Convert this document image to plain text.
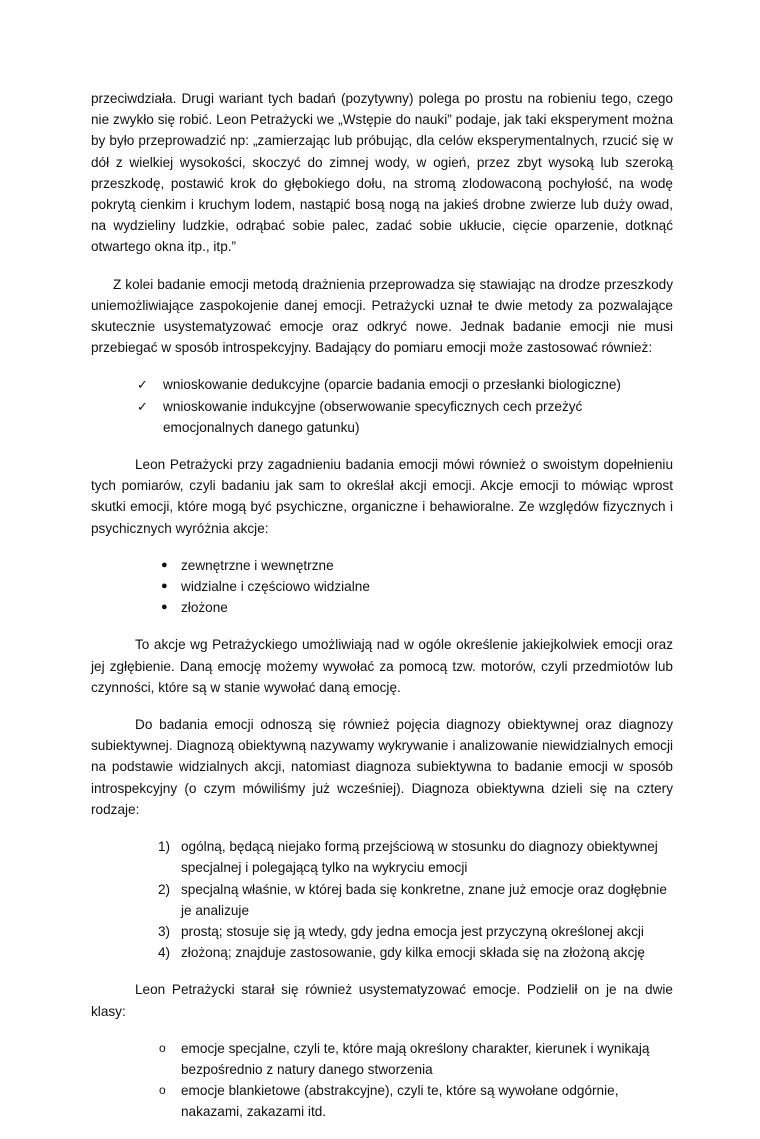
przeciwdziała. Drugi wariant tych badań (pozytywny) polega po prostu na robieniu tego, czego nie zwykło się robić. Leon Petrażycki we „Wstępie do nauki” podaje, jak taki eksperyment można by było przeprowadzić np: „zamierzając lub próbując, dla celów eksperymentalnych, rzucić się w dół z wielkiej wysokości, skoczyć do zimnej wody, w ogień, przez zbyt wysoką lub szeroką przeszkodę, postawić krok do głębokiego dołu, na stromą zlodowaconą pochyłość, na wodę pokrytą cienkim i kruchym lodem, nastąpić bosą nogą na jakieś drobne zwierze lub duży owad, na wydzieliny ludzkie, odrąbać sobie palec, zadać sobie ukłucie, cięcie oparzenie, dotknąć otwartego okna itp., itp.”

Z kolei badanie emocji metodą drażnienia przeprowadza się stawiając na drodze przeszkody uniemożliwiające zaspokojenie danej emocji. Petrażycki uznał te dwie metody za pozwalające skutecznie usystematyzować emocje oraz odkryć nowe. Jednak badanie emocji nie musi przebiegać w sposób introspekcyjny. Badający do pomiaru emocji może zastosować również:

✓ wnioskowanie dedukcyjne (oparcie badania emocji o przesłanki biologiczne)
✓ wnioskowanie indukcyjne (obserwowanie specyficznych cech przeżyć emocjonalnych danego gatunku)

Leon Petrażycki przy zagadnieniu badania emocji mówi również o swoistym dopełnieniu tych pomiarów, czyli badaniu jak sam to określał akcji emocji. Akcje emocji to mówiąc wprost skutki emocji, które mogą być psychiczne, organiczne i behawioralne. Ze względów fizycznych i psychicznych wyróżnia akcje:

● zewnętrzne i wewnętrzne
● widzialne i częściowo widzialne
● złożone

To akcje wg Petrażyckiego umożliwiają nad w ogóle określenie jakiejkolwiek emocji oraz jej zgłębienie. Daną emocję możemy wywołać za pomocą tzw. motorów, czyli przedmiotów lub czynności, które są w stanie wywołać daną emocję.

Do badania emocji odnoszą się również pojęcia diagnozy obiektywnej oraz diagnozy subiektywnej. Diagnozą obiektywną nazywamy wykrywanie i analizowanie niewidzialnych emocji na podstawie widzialnych akcji, natomiast diagnoza subiektywna to badanie emocji w sposób introspekcyjny (o czym mówiliśmy już wcześniej). Diagnoza obiektywna dzieli się na cztery rodzaje:

1) ogólną, będącą niejako formą przejściową w stosunku do diagnozy obiektywnej specjalnej i polegającą tylko na wykryciu emocji
2) specjalną właśnie, w której bada się konkretne, znane już emocje oraz dogłębnie je analizuje
3) prostą; stosuje się ją wtedy, gdy jedna emocja jest przyczyną określonej akcji
4) złożoną; znajduje zastosowanie, gdy kilka emocji składa się na złożoną akcję

Leon Petrażycki starał się również usystematyzować emocje. Podzielił on je na dwie klasy:

o emocje specjalne, czyli te, które mają określony charakter, kierunek i wynikają bezpośrednio z natury danego stworzenia
o emocje blankietowe (abstrakcyjne), czyli te, które są wywołane odgórnie, nakazami, zakazami itd.
